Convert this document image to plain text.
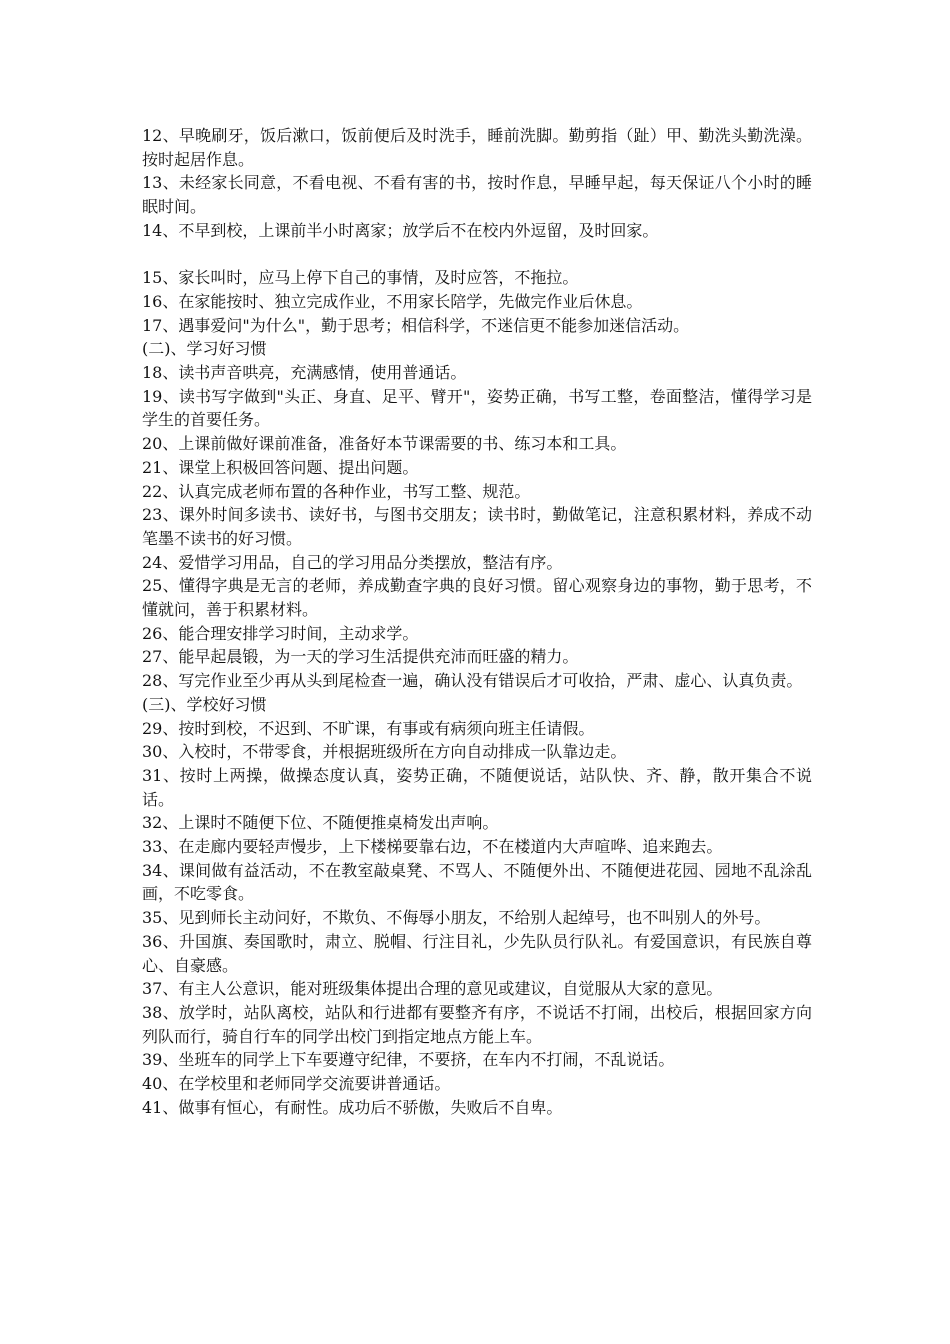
12、早晚刷牙，饭后漱口，饭前便后及时洗手，睡前洗脚。勤剪指（趾）甲、勤洗头勤洗澡。按时起居作息。

13、未经家长同意，不看电视、不看有害的书，按时作息，早睡早起，每天保证八个小时的睡眠时间。

14、不早到校，上课前半小时离家；放学后不在校内外逗留，及时回家。

15、家长叫时，应马上停下自己的事情，及时应答，不拖拉。

16、在家能按时、独立完成作业，不用家长陪学，先做完作业后休息。

17、遇事爱问"为什么"，勤于思考；相信科学，不迷信更不能参加迷信活动。

(二)、学习好习惯

18、读书声音哄亮，充满感情，使用普通话。

19、读书写字做到"头正、身直、足平、臂开"，姿势正确，书写工整，卷面整洁，懂得学习是学生的首要任务。

20、上课前做好课前准备，准备好本节课需要的书、练习本和工具。

21、课堂上积极回答问题、提出问题。

22、认真完成老师布置的各种作业，书写工整、规范。

23、课外时间多读书、读好书，与图书交朋友；读书时，勤做笔记，注意积累材料，养成不动笔墨不读书的好习惯。

24、爱惜学习用品，自己的学习用品分类摆放，整洁有序。

25、懂得字典是无言的老师，养成勤查字典的良好习惯。留心观察身边的事物，勤于思考，不懂就问，善于积累材料。

26、能合理安排学习时间，主动求学。

27、能早起晨锻，为一天的学习生活提供充沛而旺盛的精力。

28、写完作业至少再从头到尾检查一遍，确认没有错误后才可收拾，严肃、虚心、认真负责。

(三)、学校好习惯

29、按时到校，不迟到、不旷课，有事或有病须向班主任请假。

30、入校时，不带零食，并根据班级所在方向自动排成一队靠边走。

31、按时上两操，做操态度认真，姿势正确，不随便说话，站队快、齐、静，散开集合不说话。

32、上课时不随便下位、不随便推桌椅发出声响。

33、在走廊内要轻声慢步，上下楼梯要靠右边，不在楼道内大声喧哗、追来跑去。

34、课间做有益活动，不在教室敲桌凳、不骂人、不随便外出、不随便进花园、园地不乱涂乱画，不吃零食。

35、见到师长主动问好，不欺负、不侮辱小朋友，不给别人起绰号，也不叫别人的外号。

36、升国旗、奏国歌时，肃立、脱帽、行注目礼，少先队员行队礼。有爱国意识，有民族自尊心、自豪感。

37、有主人公意识，能对班级集体提出合理的意见或建议，自觉服从大家的意见。

38、放学时，站队离校，站队和行进都有要整齐有序，不说话不打闹，出校后，根据回家方向列队而行，骑自行车的同学出校门到指定地点方能上车。

39、坐班车的同学上下车要遵守纪律，不要挤，在车内不打闹，不乱说话。

40、在学校里和老师同学交流要讲普通话。

41、做事有恒心，有耐性。成功后不骄傲，失败后不自卑。
